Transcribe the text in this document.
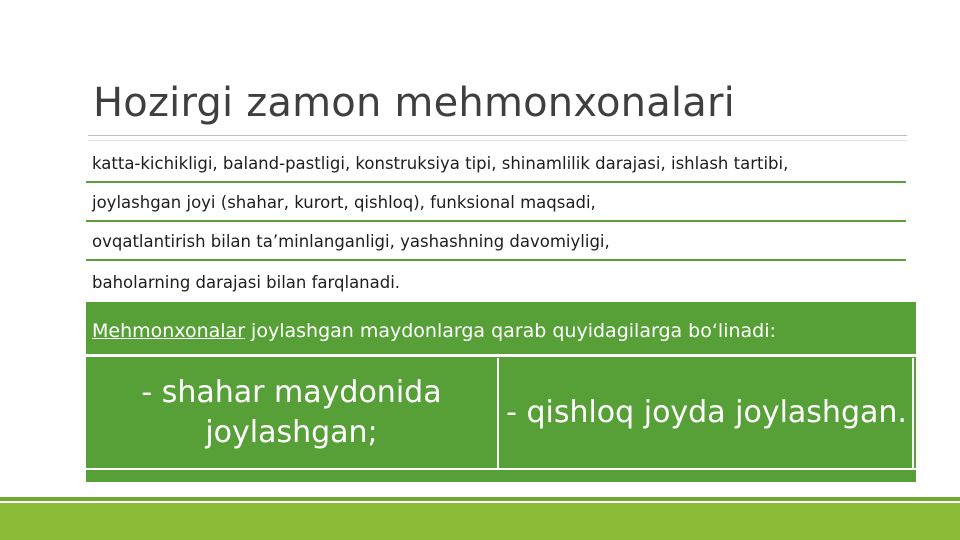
Hozirgi zamon mehmonxonalari
katta-kichikligi, baland-pastligi, konstruksiya tipi, shinamlilik darajasi, ishlash tartibi,
joylashgan joyi (shahar, kurort, qishloq), funksional maqsadi,
ovqatlantirish bilan ta’minlanganligi, yashashning davomiyligi,
baholarning darajasi bilan farqlanadi.
Mehmonxonalar joylashgan maydonlarga qarab quyidagilarga bo‘linadi:
- shahar maydonida joylashgan;
- qishloq joyda joylashgan.
